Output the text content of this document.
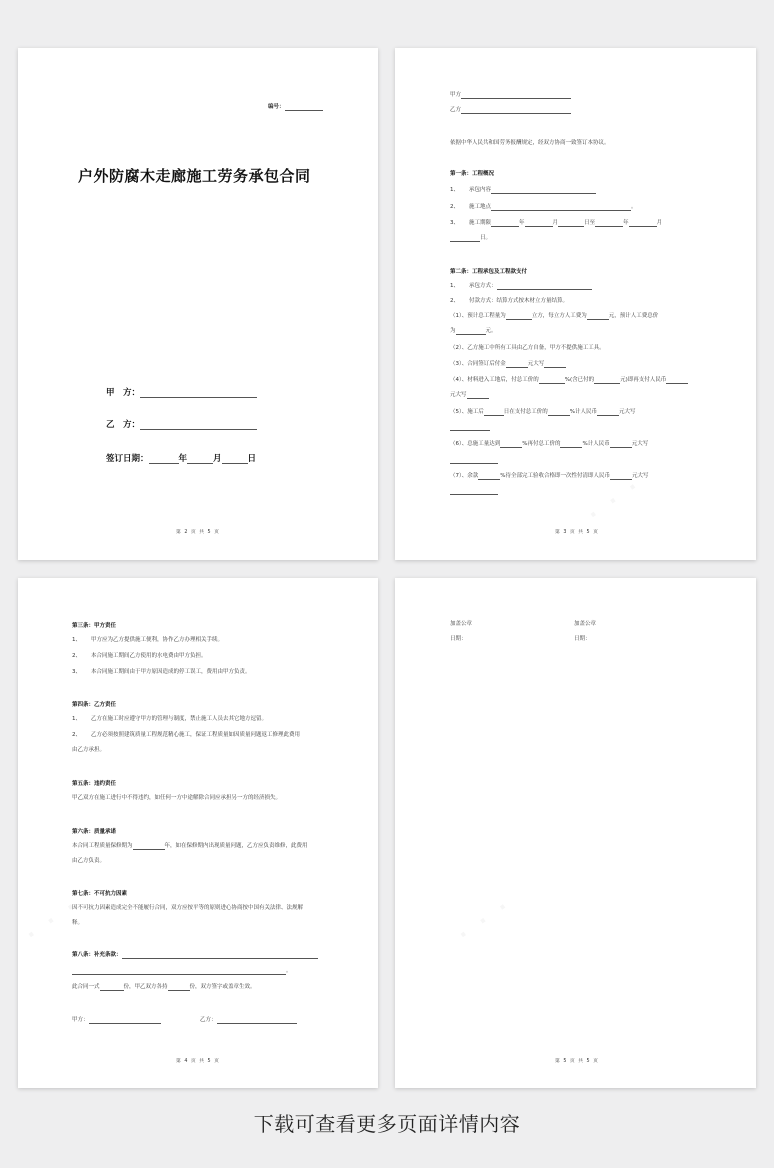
编号：
户外防腐木走廊施工劳务承包合同
甲　方：
乙　方：
签订日期：	年	月	日
第 2 页 共 5 页
甲方
乙方
依据中华人民共和国劳务报酬规定，经双方协商一致签订本协议。
第一条：工程概况
1、 承包内容
2、 施工地点	。
3、 施工期限	年	月	日至	年	月
日。
第二条：工程承包及工程款支付
1、 承包方式：
2、 付款方式：结算方式按木材立方量结算。
（1）、预计总工程量为	立方，每立方人工费为	元，预计人工费总价
为	元。
（2）、乙方施工中所有工具由乙方自备，甲方不提供施工工具。
（3）、合同签订后付金	元大写
（4）、材料进入工地后，付总工价的	%(含已付的	元)即再支付人民币
元大写
（5）、施工后	日在支付总工价的	%计人民币	元大写
（6）、总施工量达到	%再付总工价的	%计人民币	元大写
（7）、余款	%待全部完工验收合格即一次性付清即人民币	元大写
第 3 页 共 5 页
第三条：甲方责任
1、 甲方应为乙方提供施工便利，协作乙方办理相关手续。
2、 本合同施工期间乙方使用的水电费由甲方负担。
3、 本合同施工期间由于甲方原因造成的停工误工，费用由甲方负责。
第四条：乙方责任
1、 乙方在施工时应遵守甲方的管理与制度，禁止施工人员去其它地方逗留。
2、 乙方必须按照建筑质量工程规范精心施工，保证工程质量如因质量问题返工修理此费用
由乙方承担。
第五条：违约责任
甲乙双方在施工进行中不得违约，如任何一方中途解除合同应承担另一方的经济损失。
第六条：质量承诺
本合同工程质量保修期为	年，如在保修期内出现质量问题，乙方应负责维修，此费用
由乙方负责。
第七条：不可抗力因素
因不可抗力因素造成完全不能履行合同，双方应按平等的原则进心协商按中国有关法律、法规解
释。
第八条：补充条款：
。
此合同一式	份，甲乙双方各持	份，双方签字或盖章生效。
甲方：	乙方：
第 4 页 共 5 页
加盖公章
日期：
加盖公章
日期：
第 5 页 共 5 页
下载可查看更多页面详情内容
